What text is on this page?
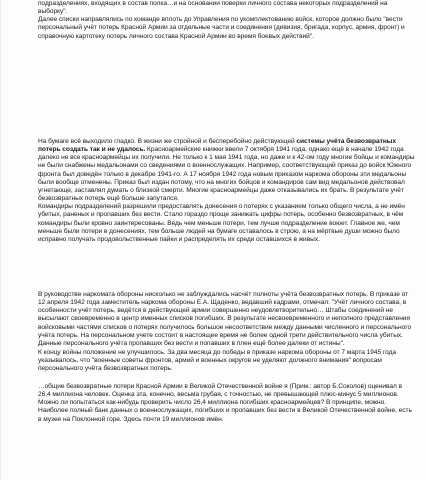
подразделениях, входящих в состав полка…и на основании поверки личного состава некоторых подразделений на выборку".

Далее списки направлялись по команде вплоть до Управления по укомплектованию войск, которое должно было "вести персональный учёт потерь Красной Армии за отдельные части и соединения (дивизия, бригада, корпус, армия, фронт) и справочную картотеку потерь личного состава Красной Армии во время боевых действий".

На бумаге всё выходило гладко. В жизни же стройной и бесперебойно действующей системы учёта безвозвратных потерь создать так и не удалось. Красноармейские книжки ввели 7 октября 1941 года, однако ещё в начале 1942 года далеко не все красноармейцы их получили. Не только к 1 мая 1941 года, но даже и к 42-ом году многие бойцы и командиры не были снабжены медальонами со сведениями о военнослужащих. Например, соответствующий приказ до войск Южного фронта был доведён только в декабре 1941-го. А 17 ноября 1942 года новым приказом наркома обороны эти медальоны были вообще отменены. Приказ был издан потому, что на многих бойцов и командиров сам вид медальонов действовал угнетающе, заставлял думать о близкой смерти. Многие красноармейцы даже отказывались их брать. В результате учёт безвозвратных потерь ещё больше запутался.

Командиры подразделений разрешили предоставлять донесения о потерях с указанием только общего числа, а не имён убитых, раненых и пропавших без вести. Стало гораздо проще занижать цифры потерь, особенно безвозвратных, в чём командиры были кровно заинтересованы. Ведь чем меньше потери, тем лучше подразделение воюет. Главное же, чем меньше были потери в донесениях, тем больше людей на бумаге оставалось в строю, а на мёртвые души можно было исправно получать продовольственные пайки и распределять их среди оставшихся в живых.

В руководстве наркомата обороны нисколько не заблуждались насчёт полноты учёта безвозвратных потерь. В приказе от 12 апреля 1942 года заместитель наркома обороны Е.А. Щаденко, ведавший кадрами, отмечал: "Учёт личного состава, в особенности учёт потерь, ведётся в действующей армии совершенно неудовлетворительно… Штабы соединений не высылают своевременно в центр именных списков погибших. В результате несвоевременного и неполного представления войсковыми частями списков о потерях получилось большое несоответствие между данными численного и персонального учёта потерь. На персональном учете состоит в настоящее время не более одной трети действительного числа убитых. Данные персонального учёта пропавших без вести и попавших в плен ещё более далеки от истины".

К концу войны положение не улучшилось. За два месяца до победы в приказе наркома обороны от 7 марта 1945 года указывалось, что "военные советы фронтов, армий и военных округов не уделяют должного внимания" вопросам персонального учёта безвозвратных потерь.

…общие безвозвратные потери Красной Армии в Великой Отечественной войне я (Прим.: автор Б.Соколов) оценивал в 26,4 миллиона человек. Оценка эта, конечно, весьма грубая, с точностью, не превышающей плюс-минус 5 миллионов.

Можно ли попытаться как-нибудь проверить число 26,4 миллиона погибших красноармейцев? В принципе, можно. Наиболее полный банк данных о военнослужащих, погибших и пропавших без вести в Великой Отечественной войне, есть в музее на Поклонной горе. Здесь почти 19 миллионов имён.
